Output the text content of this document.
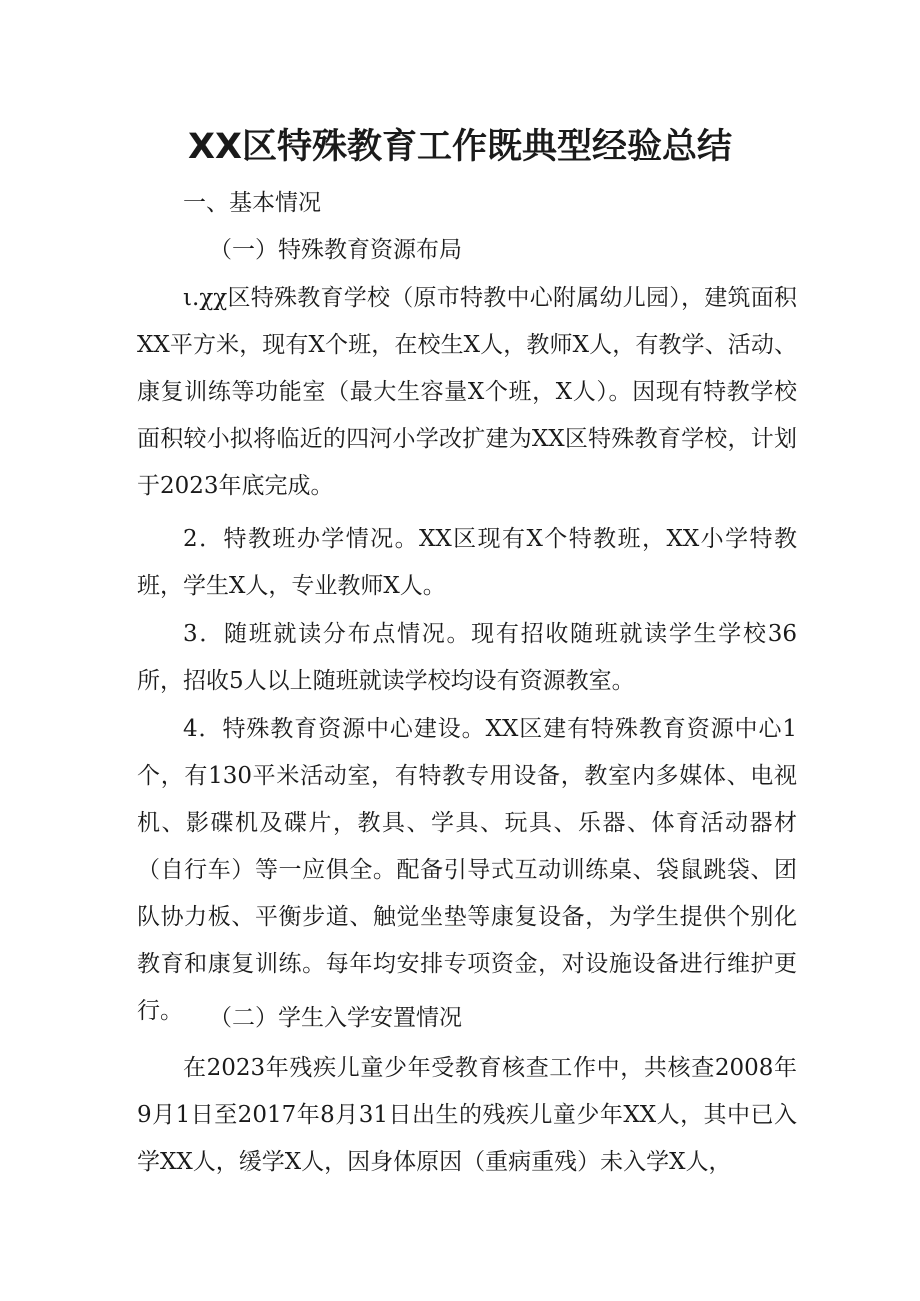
XX区特殊教育工作既典型经验总结

一、基本情况

（一）特殊教育资源布局

ι.χχ区特殊教育学校（原市特教中心附属幼儿园），建筑面积XX平方米，现有X个班，在校生X人，教师X人，有教学、活动、康复训练等功能室（最大生容量X个班，X人）。因现有特教学校面积较小拟将临近的四河小学改扩建为XX区特殊教育学校，计划于2023年底完成。

2．特教班办学情况。XX区现有X个特教班，XX小学特教班，学生X人，专业教师X人。

3．随班就读分布点情况。现有招收随班就读学生学校36所，招收5人以上随班就读学校均设有资源教室。

4．特殊教育资源中心建设。XX区建有特殊教育资源中心1个，有130平米活动室，有特教专用设备，教室内多媒体、电视机、影碟机及碟片，教具、学具、玩具、乐器、体育活动器材（自行车）等一应俱全。配备引导式互动训练桌、袋鼠跳袋、团队协力板、平衡步道、触觉坐垫等康复设备，为学生提供个别化教育和康复训练。每年均安排专项资金，对设施设备进行维护更行。	（二）学生入学安置情况

在2023年残疾儿童少年受教育核查工作中，共核查2008年9月1日至2017年8月31日出生的残疾儿童少年XX人，其中已入学XX人，缓学X人，因身体原因（重病重残）未入学X人，
